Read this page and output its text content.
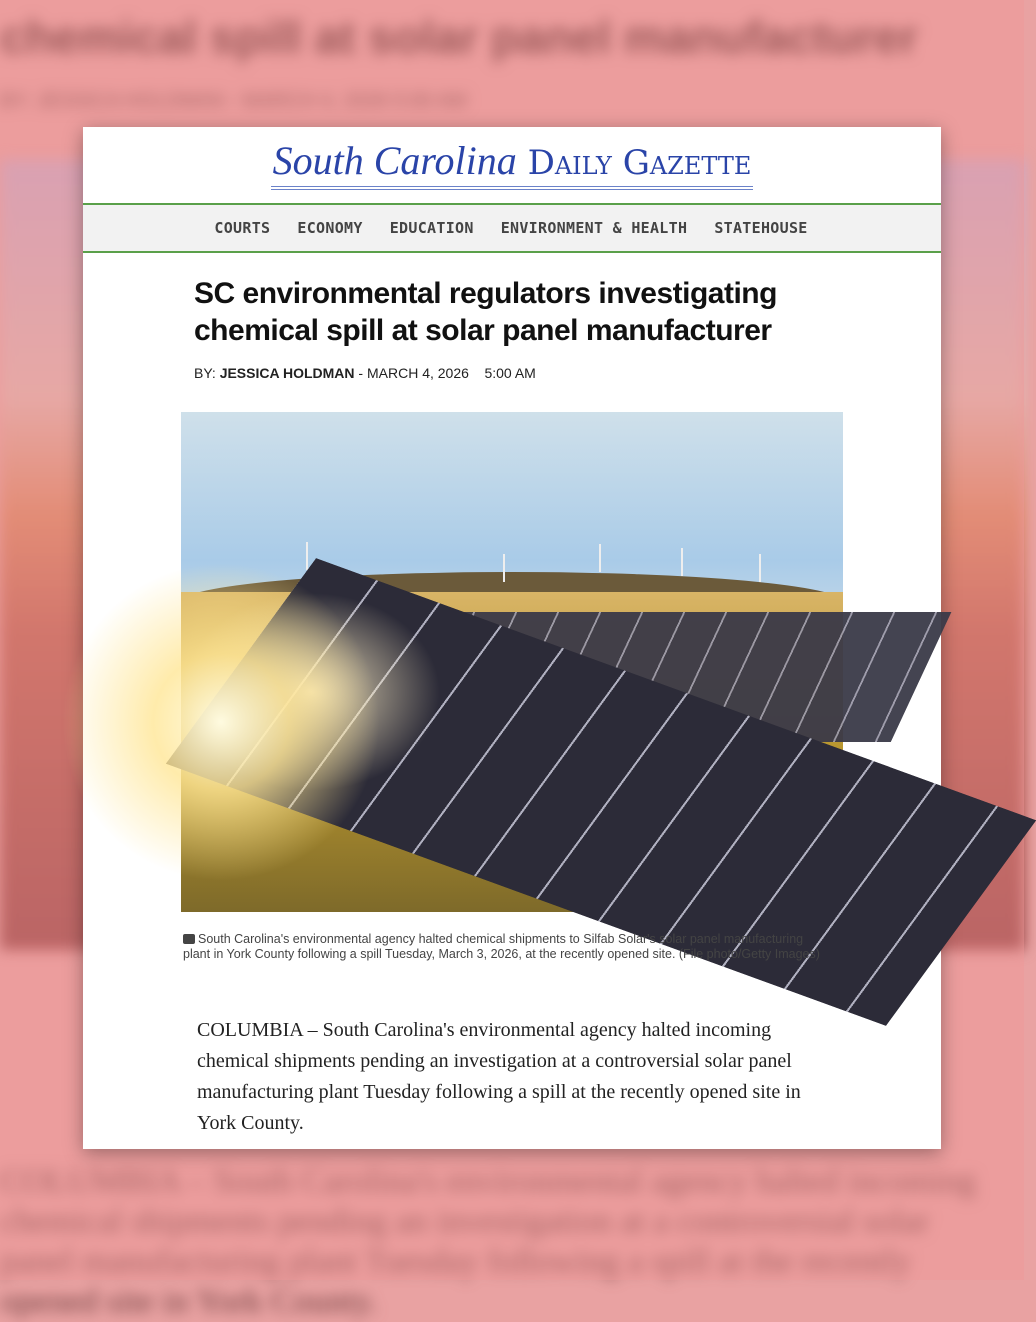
chemical spill at solar panel manufacturer
BY: JESSICA HOLDMAN - MARCH 4, 2026 5:00 AM
COLUMBIA – South Carolina's environmental agency halted incoming chemical shipments pending an investigation at a controversial solar panel manufacturing plant Tuesday following a spill at the recently opened site in York County.
South Carolina Daily Gazette
COURTS ECONOMY EDUCATION ENVIRONMENT & HEALTH STATEHOUSE
SC environmental regulators investigating chemical spill at solar panel manufacturer
BY: JESSICA HOLDMAN - MARCH 4, 2026 5:00 AM
South Carolina's environmental agency halted chemical shipments to Silfab Solar's solar panel manufacturing plant in York County following a spill Tuesday, March 3, 2026, at the recently opened site. (File photo/Getty Images)
COLUMBIA – South Carolina's environmental agency halted incoming chemical shipments pending an investigation at a controversial solar panel manufacturing plant Tuesday following a spill at the recently opened site in York County.
